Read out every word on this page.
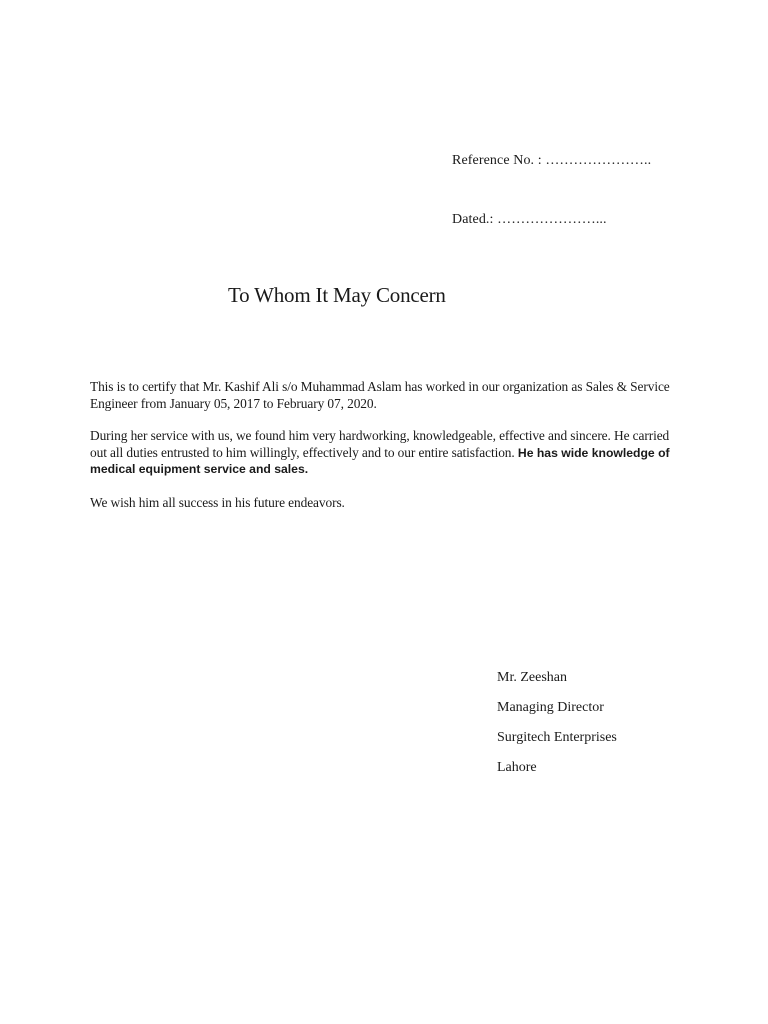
Reference No. : …………………..
Dated.: …………………...
To Whom It May Concern
This is to certify that Mr. Kashif Ali s/o Muhammad Aslam has worked in our organization as Sales & Service Engineer from January 05, 2017 to February 07, 2020.
During her service with us, we found him very hardworking, knowledgeable, effective and sincere. He carried out all duties entrusted to him willingly, effectively and to our entire satisfaction. He has wide knowledge of medical equipment service and sales.
We wish him all success in his future endeavors.
Mr. Zeeshan
Managing Director
Surgitech Enterprises
Lahore
